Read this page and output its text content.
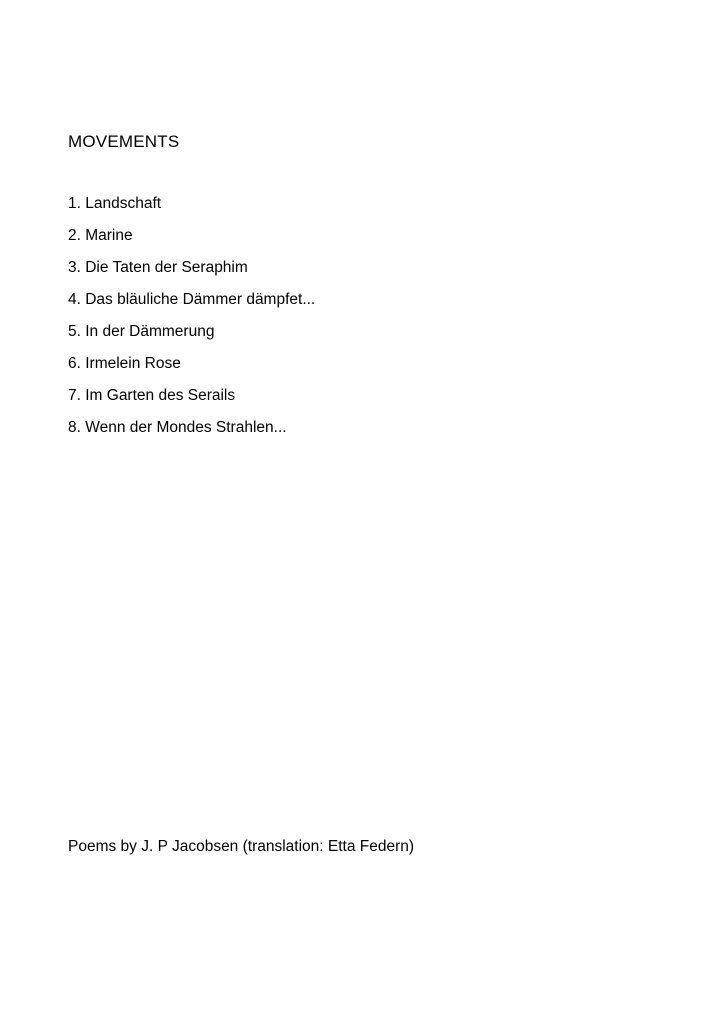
MOVEMENTS
1. Landschaft
2. Marine
3. Die Taten der Seraphim
4. Das bläuliche Dämmer dämpfet...
5. In der Dämmerung
6. Irmelein Rose
7. Im Garten des Serails
8. Wenn der Mondes Strahlen...
Poems by J. P Jacobsen (translation: Etta Federn)
